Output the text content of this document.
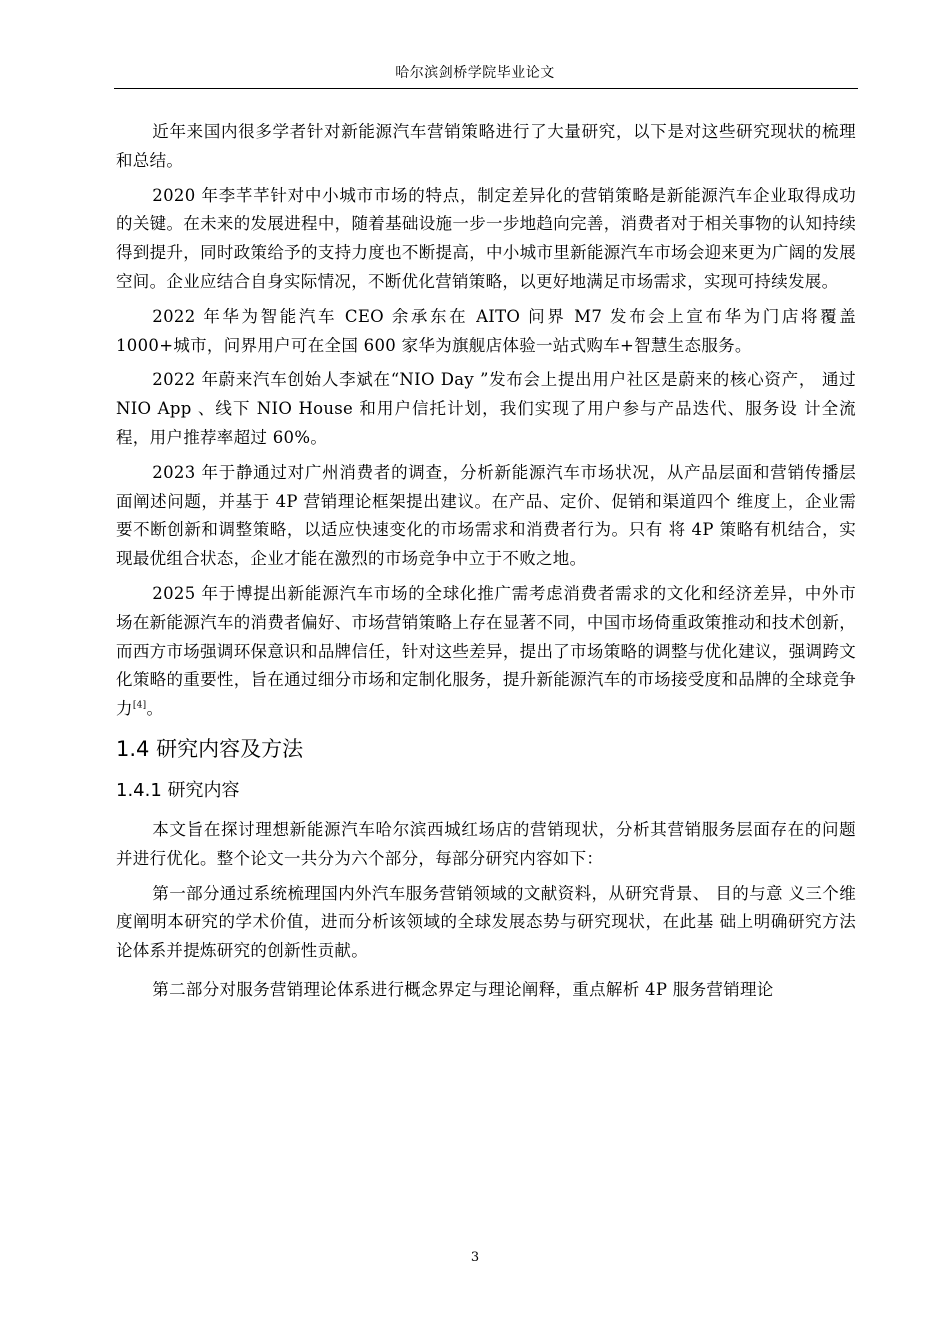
哈尔滨剑桥学院毕业论文

近年来国内很多学者针对新能源汽车营销策略进行了大量研究，以下是对这些研究现状的梳理和总结。

2020 年李芊芊针对中小城市市场的特点，制定差异化的营销策略是新能源汽车企业取得成功的关键。在未来的发展进程中，随着基础设施一步一步地趋向完善，消费者对于相关事物的认知持续得到提升，同时政策给予的支持力度也不断提高，中小城市里新能源汽车市场会迎来更为广阔的发展空间。企业应结合自身实际情况，不断优化营销策略，以更好地满足市场需求，实现可持续发展。

2022 年华为智能汽车 CEO 余承东在 AITO 问界 M7 发布会上宣布华为门店将覆盖 1000+城市，问界用户可在全国 600 家华为旗舰店体验一站式购车+智慧生态服务。

2022 年蔚来汽车创始人李斌在“NIO Day ”发布会上提出用户社区是蔚来的核心资产， 通过 NIO App 、线下 NIO House 和用户信托计划，我们实现了用户参与产品迭代、服务设 计全流程，用户推荐率超过 60%。

2023 年于静通过对广州消费者的调查，分析新能源汽车市场状况，从产品层面和营销传播层面阐述问题，并基于 4P 营销理论框架提出建议。在产品、定价、促销和渠道四个 维度上，企业需要不断创新和调整策略，以适应快速变化的市场需求和消费者行为。只有 将 4P 策略有机结合，实现最优组合状态，企业才能在激烈的市场竞争中立于不败之地。

2025 年于博提出新能源汽车市场的全球化推广需考虑消费者需求的文化和经济差异，中外市场在新能源汽车的消费者偏好、市场营销策略上存在显著不同，中国市场倚重政策推动和技术创新，而西方市场强调环保意识和品牌信任，针对这些差异，提出了市场策略的调整与优化建议，强调跨文化策略的重要性，旨在通过细分市场和定制化服务，提升新能源汽车的市场接受度和品牌的全球竞争力[4]。

1.4 研究内容及方法
1.4.1 研究内容

本文旨在探讨理想新能源汽车哈尔滨西城红场店的营销现状，分析其营销服务层面存在的问题并进行优化。整个论文一共分为六个部分，每部分研究内容如下：

第一部分通过系统梳理国内外汽车服务营销领域的文献资料，从研究背景、 目的与意 义三个维度阐明本研究的学术价值，进而分析该领域的全球发展态势与研究现状，在此基 础上明确研究方法论体系并提炼研究的创新性贡献。

第二部分对服务营销理论体系进行概念界定与理论阐释，重点解析 4P 服务营销理论

3
